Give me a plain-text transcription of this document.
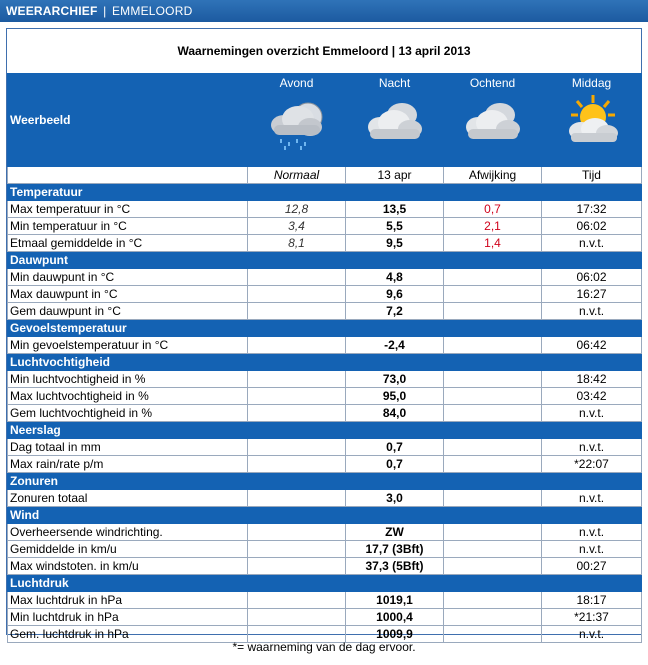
WEERARCHIEF | EMMELOORD
Waarnemingen overzicht Emmeloord | 13 april 2013
Weerbeeld	Avond	Nacht	Ochtend	Middag

	Normaal	13 apr	Afwijking	Tijd
Temperatuur				
Max temperatuur in °C	12,8	13,5	0,7	17:32
Min temperatuur in °C	3,4	5,5	2,1	06:02
Etmaal gemiddelde in °C	8,1	9,5	1,4	n.v.t.
Dauwpunt				
Min dauwpunt in °C		4,8		06:02
Max dauwpunt in °C		9,6		16:27
Gem dauwpunt in °C		7,2		n.v.t.
Gevoelstemperatuur				
Min gevoelstemperatuur in °C		-2,4		06:42
Luchtvochtigheid				
Min luchtvochtigheid in %		73,0		18:42
Max luchtvochtigheid in %		95,0		03:42
Gem luchtvochtigheid in %		84,0		n.v.t.
Neerslag				
Dag totaal in mm		0,7		n.v.t.
Max rain/rate p/m		0,7		*22:07
Zonuren				
Zonuren totaal		3,0		n.v.t.
Wind				
Overheersende windrichting.		ZW		n.v.t.
Gemiddelde in km/u		17,7 (3Bft)		n.v.t.
Max windstoten. in km/u		37,3 (5Bft)		00:27
Luchtdruk				
Max luchtdruk in hPa		1019,1		18:17
Min luchtdruk in hPa		1000,4		*21:37
Gem. luchtdruk in hPa		1009,9		n.v.t.
*= waarneming van de dag ervoor.
